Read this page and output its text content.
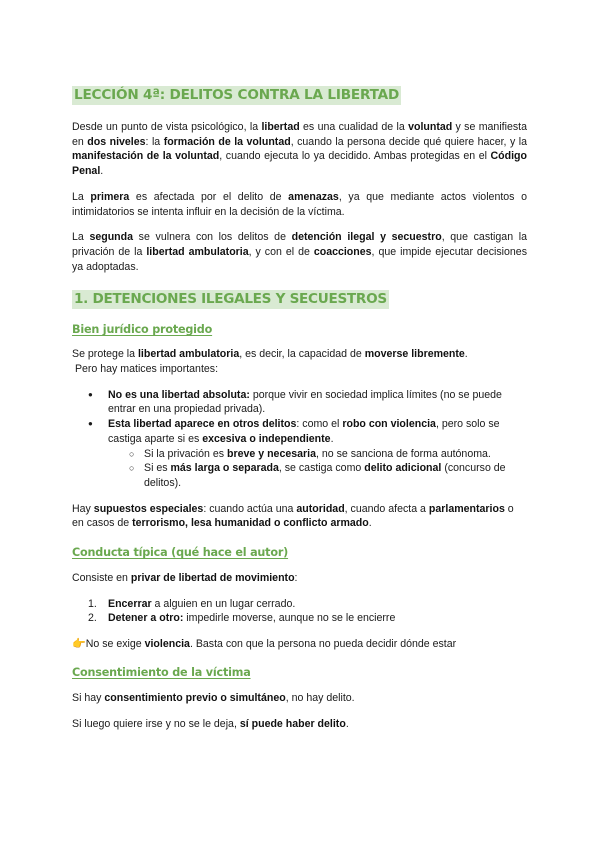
LECCIÓN 4ª: DELITOS CONTRA LA LIBERTAD

Desde un punto de vista psicológico, la libertad es una cualidad de la voluntad y se manifiesta en dos niveles: la formación de la voluntad, cuando la persona decide qué quiere hacer, y la manifestación de la voluntad, cuando ejecuta lo ya decidido. Ambas protegidas en el Código Penal.

La primera es afectada por el delito de amenazas, ya que mediante actos violentos o intimidatorios se intenta influir en la decisión de la víctima.

La segunda se vulnera con los delitos de detención ilegal y secuestro, que castigan la privación de la libertad ambulatoria, y con el de coacciones, que impide ejecutar decisiones ya adoptadas.

1. DETENCIONES ILEGALES Y SECUESTROS
Bien jurídico protegido

Se protege la libertad ambulatoria, es decir, la capacidad de moverse libremente.

Pero hay matices importantes:

● No es una libertad absoluta: porque vivir en sociedad implica límites (no se puede entrar en una propiedad privada).
● Esta libertad aparece en otros delitos: como el robo con violencia, pero solo se castiga aparte si es excesiva o independiente.
○ Si la privación es breve y necesaria, no se sanciona de forma autónoma.
○ Si es más larga o separada, se castiga como delito adicional (concurso de delitos).

Hay supuestos especiales: cuando actúa una autoridad, cuando afecta a parlamentarios o en casos de terrorismo, lesa humanidad o conflicto armado.

Conducta típica (qué hace el autor)

Consiste en privar de libertad de movimiento:

1. Encerrar a alguien en un lugar cerrado.
2. Detener a otro: impedirle moverse, aunque no se le encierre

👉No se exige violencia. Basta con que la persona no pueda decidir dónde estar

Consentimiento de la víctima

Si hay consentimiento previo o simultáneo, no hay delito.

Si luego quiere irse y no se le deja, sí puede haber delito.
